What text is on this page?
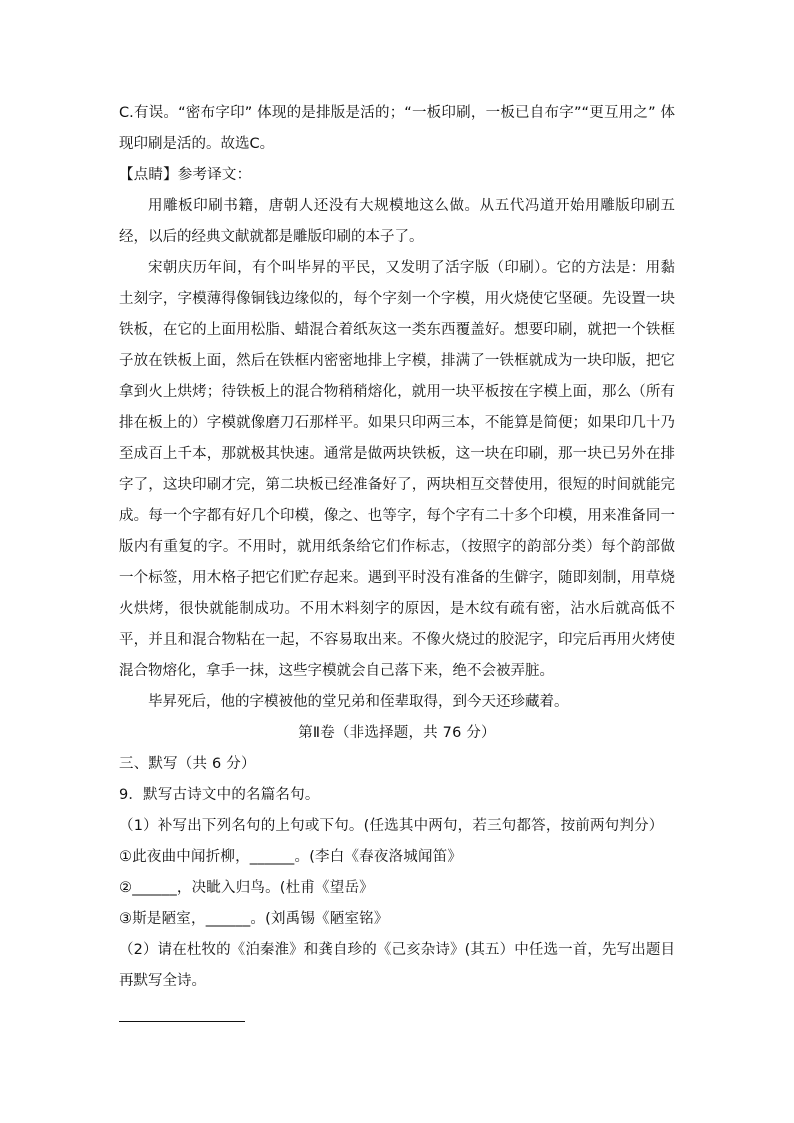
C.有误。“密布字印” 体现的是排版是活的；“一板印刷，一板已自布字”“更互用之” 体现印刷是活的。故选C。

【点睛】参考译文：

用雕板印刷书籍，唐朝人还没有大规模地这么做。从五代冯道开始用雕版印刷五经，以后的经典文献就都是雕版印刷的本子了。

宋朝庆历年间，有个叫毕昇的平民，又发明了活字版（印刷）。它的方法是：用黏土刻字，字模薄得像铜钱边缘似的，每个字刻一个字模，用火烧使它坚硬。先设置一块铁板，在它的上面用松脂、蜡混合着纸灰这一类东西覆盖好。想要印刷，就把一个铁框子放在铁板上面，然后在铁框内密密地排上字模，排满了一铁框就成为一块印版，把它拿到火上烘烤；待铁板上的混合物稍稍熔化，就用一块平板按在字模上面，那么（所有排在板上的）字模就像磨刀石那样平。如果只印两三本，不能算是简便；如果印几十乃至成百上千本，那就极其快速。通常是做两块铁板，这一块在印刷，那一块已另外在排字了，这块印刷才完，第二块板已经准备好了，两块相互交替使用，很短的时间就能完成。每一个字都有好几个印模，像之、也等字，每个字有二十多个印模，用来准备同一版内有重复的字。不用时，就用纸条给它们作标志，（按照字的韵部分类）每个韵部做一个标签，用木格子把它们贮存起来。遇到平时没有准备的生僻字，随即刻制，用草烧火烘烤，很快就能制成功。不用木料刻字的原因，是木纹有疏有密，沾水后就高低不平，并且和混合物粘在一起，不容易取出来。不像火烧过的胶泥字，印完后再用火烤使混合物熔化，拿手一抹，这些字模就会自己落下来，绝不会被弄脏。

毕昇死后，他的字模被他的堂兄弟和侄辈取得，到今天还珍藏着。

第Ⅱ卷（非选择题，共 76 分）
三、默写（共 6 分）
9．默写古诗文中的名篇名句。
（1）补写出下列名句的上句或下句。(任选其中两句，若三句都答，按前两句判分）
①此夜曲中闻折柳，______。(李白《春夜洛城闻笛》
②______，决眦入归鸟。(杜甫《望岳》
③斯是陋室，______。(刘禹锡《陋室铭》

（2）请在杜牧的《泊秦淮》和龚自珍的《己亥杂诗》(其五）中任选一首，先写出题目再默写全诗。
